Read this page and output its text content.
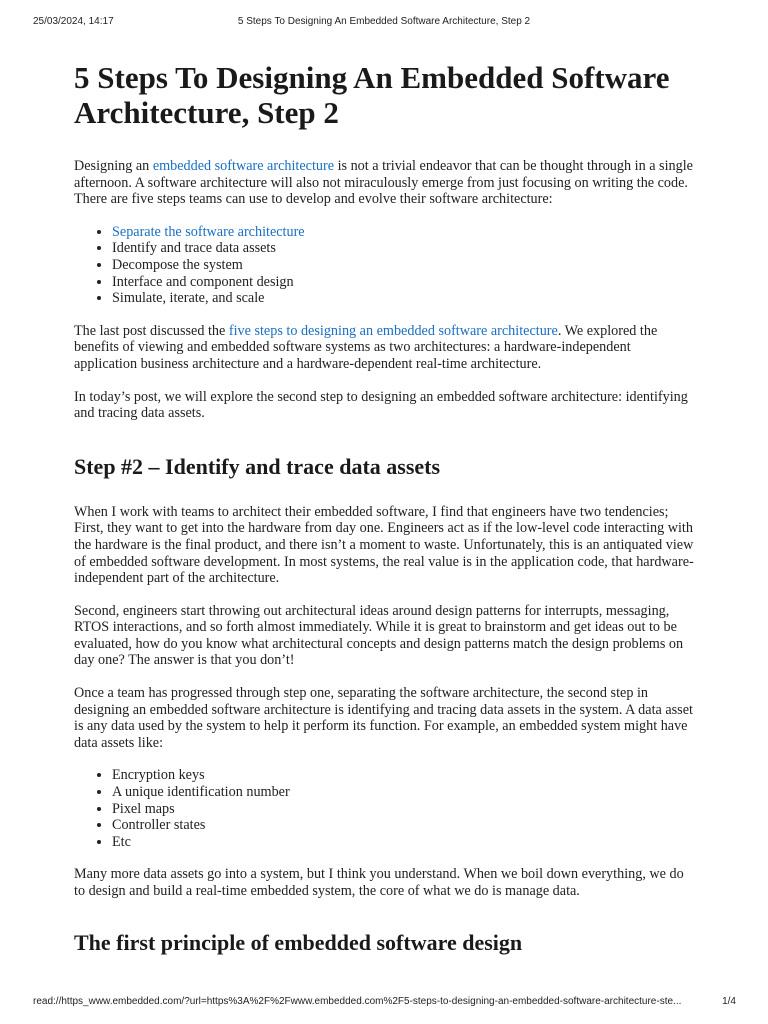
25/03/2024, 14:17	5 Steps To Designing An Embedded Software Architecture, Step 2
5 Steps To Designing An Embedded Software Architecture, Step 2

Designing an embedded software architecture is not a trivial endeavor that can be thought through in a single afternoon. A software architecture will also not miraculously emerge from just focusing on writing the code. There are five steps teams can use to develop and evolve their software architecture:

• Separate the software architecture
• Identify and trace data assets
• Decompose the system
• Interface and component design
• Simulate, iterate, and scale

The last post discussed the five steps to designing an embedded software architecture. We explored the benefits of viewing and embedded software systems as two architectures: a hardware-independent application business architecture and a hardware-dependent real-time architecture.

In today’s post, we will explore the second step to designing an embedded software architecture: identifying and tracing data assets.

Step #2 – Identify and trace data assets

When I work with teams to architect their embedded software, I find that engineers have two tendencies; First, they want to get into the hardware from day one. Engineers act as if the low-level code interacting with the hardware is the final product, and there isn’t a moment to waste. Unfortunately, this is an antiquated view of embedded software development. In most systems, the real value is in the application code, that hardware-independent part of the architecture.

Second, engineers start throwing out architectural ideas around design patterns for interrupts, messaging, RTOS interactions, and so forth almost immediately. While it is great to brainstorm and get ideas out to be evaluated, how do you know what architectural concepts and design patterns match the design problems on day one? The answer is that you don’t!

Once a team has progressed through step one, separating the software architecture, the second step in designing an embedded software architecture is identifying and tracing data assets in the system. A data asset is any data used by the system to help it perform its function. For example, an embedded system might have data assets like:

• Encryption keys
• A unique identification number
• Pixel maps
• Controller states
• Etc

Many more data assets go into a system, but I think you understand. When we boil down everything, we do to design and build a real-time embedded system, the core of what we do is manage data.

The first principle of embedded software design
read://https_www.embedded.com/?url=https%3A%2F%2Fwww.embedded.com%2F5-steps-to-designing-an-embedded-software-architecture-ste...	1/4
